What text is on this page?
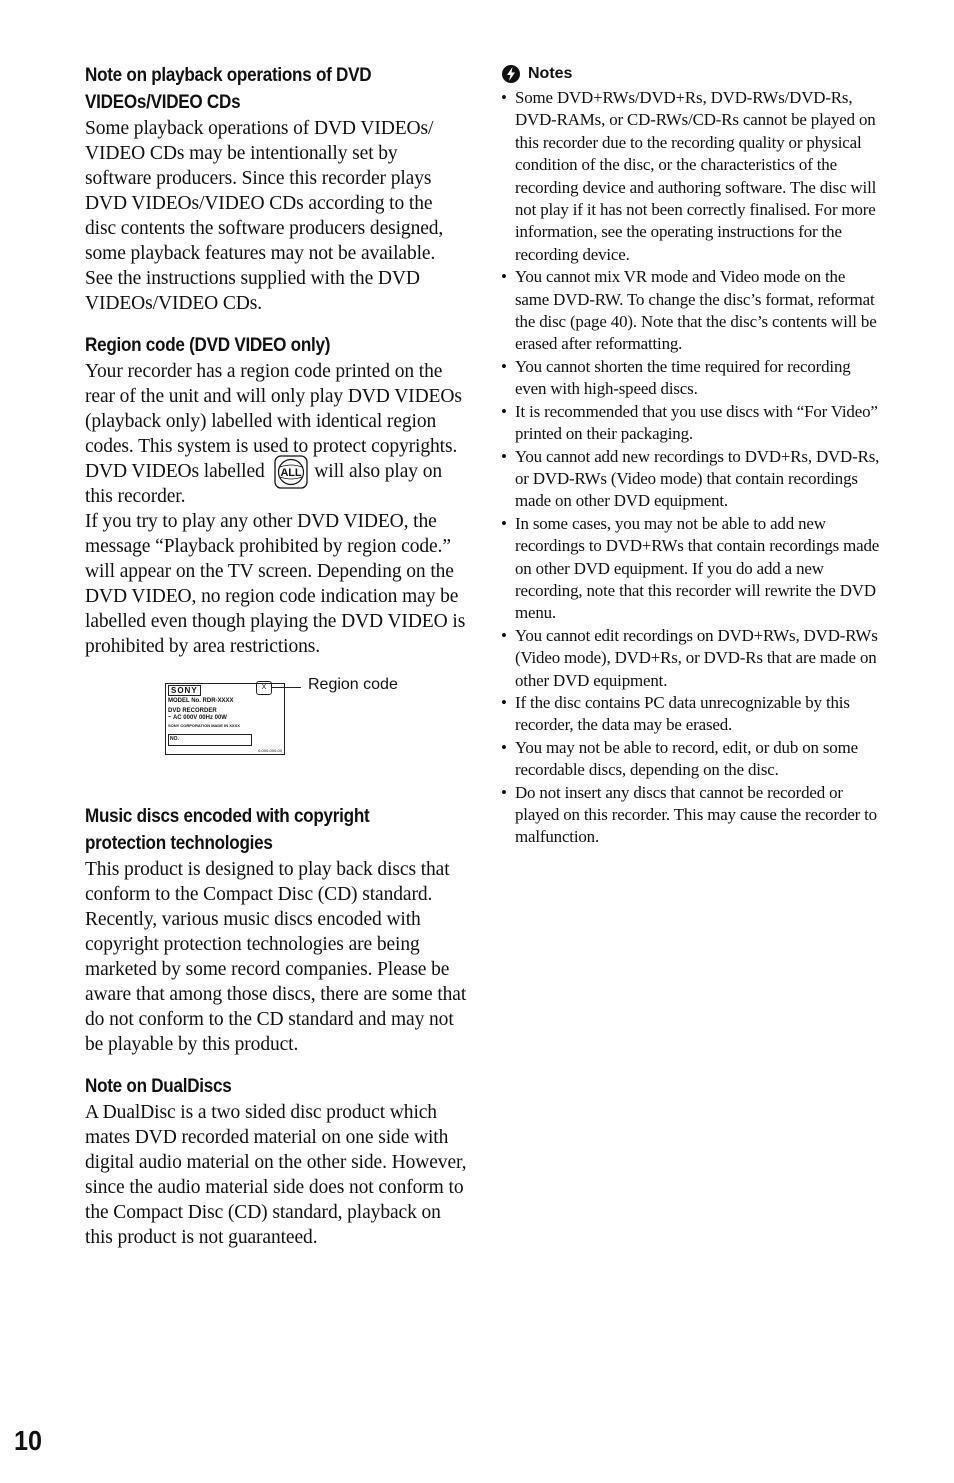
Note on playback operations of DVD VIDEOs/VIDEO CDs

Some playback operations of DVD VIDEOs/ VIDEO CDs may be intentionally set by software producers. Since this recorder plays DVD VIDEOs/VIDEO CDs according to the disc contents the software producers designed, some playback features may not be available. See the instructions supplied with the DVD VIDEOs/VIDEO CDs.

Region code (DVD VIDEO only)

Your recorder has a region code printed on the rear of the unit and will only play DVD VIDEOs (playback only) labelled with identical region codes. This system is used to protect copyrights.

DVD VIDEOs labelled ALL will also play on this recorder.

If you try to play any other DVD VIDEO, the message “Playback prohibited by region code.” will appear on the TV screen. Depending on the DVD VIDEO, no region code indication may be labelled even though playing the DVD VIDEO is prohibited by area restrictions.

SONY
MODEL No. RDR-XXXX
DVD RECORDER
~ AC 000V 00Hz 00W
SONY CORPORATION MADE IN XXXX
NO.
0-000-000-00
X	Region code
Music discs encoded with copyright protection technologies

This product is designed to play back discs that conform to the Compact Disc (CD) standard.

Recently, various music discs encoded with copyright protection technologies are being marketed by some record companies. Please be aware that among those discs, there are some that do not conform to the CD standard and may not be playable by this product.

Note on DualDiscs

A DualDisc is a two sided disc product which mates DVD recorded material on one side with digital audio material on the other side. However, since the audio material side does not conform to the Compact Disc (CD) standard, playback on this product is not guaranteed.

Notes
• Some DVD+RWs/DVD+Rs, DVD-RWs/DVD-Rs, DVD-RAMs, or CD-RWs/CD-Rs cannot be played on this recorder due to the recording quality or physical condition of the disc, or the characteristics of the recording device and authoring software. The disc will not play if it has not been correctly finalised. For more information, see the operating instructions for the recording device.
• You cannot mix VR mode and Video mode on the same DVD-RW. To change the disc’s format, reformat the disc (page 40). Note that the disc’s contents will be erased after reformatting.
• You cannot shorten the time required for recording even with high-speed discs.
• It is recommended that you use discs with “For Video” printed on their packaging.
• You cannot add new recordings to DVD+Rs, DVD-Rs, or DVD-RWs (Video mode) that contain recordings made on other DVD equipment.
• In some cases, you may not be able to add new recordings to DVD+RWs that contain recordings made on other DVD equipment. If you do add a new recording, note that this recorder will rewrite the DVD menu.
• You cannot edit recordings on DVD+RWs, DVD-RWs (Video mode), DVD+Rs, or DVD-Rs that are made on other DVD equipment.
• If the disc contains PC data unrecognizable by this recorder, the data may be erased.
• You may not be able to record, edit, or dub on some recordable discs, depending on the disc.
• Do not insert any discs that cannot be recorded or played on this recorder. This may cause the recorder to malfunction.
10
